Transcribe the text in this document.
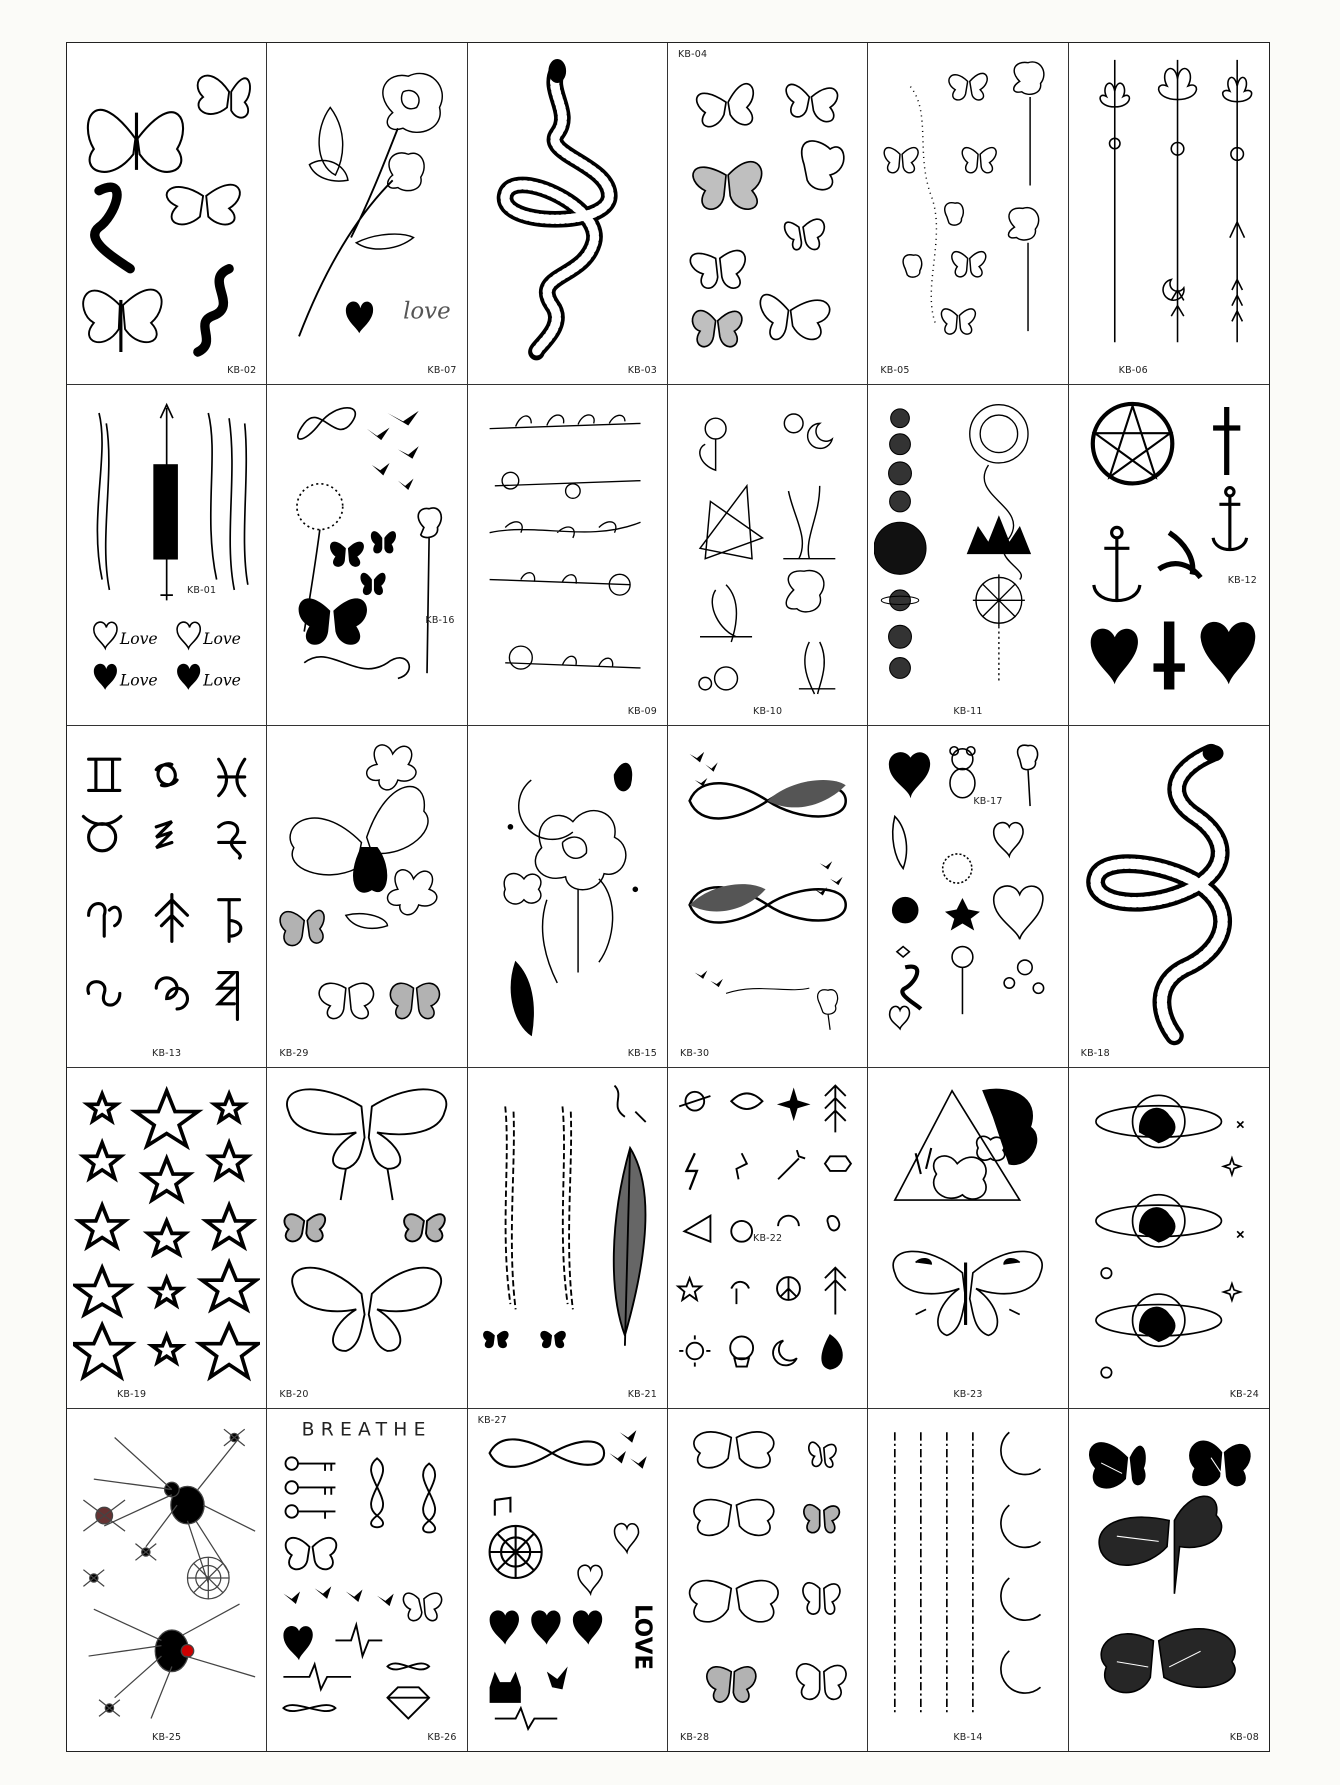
KB-02
love
KB-07	KB-03
KB-04
KB-05	KB-06
Love	Love
Love	Love
KB-01
KB-16
KB-09	KB-10	KB-11
KB-12
KB-13	KB-29	KB-15 KB-30
KB-17
KB-18
KB-19	KB-20	KB-21
KB-22
KB-23	KB-24
KB-25
BREATHE
KB-26
LOVE
KB-27
KB-28	KB-14	KB-08
